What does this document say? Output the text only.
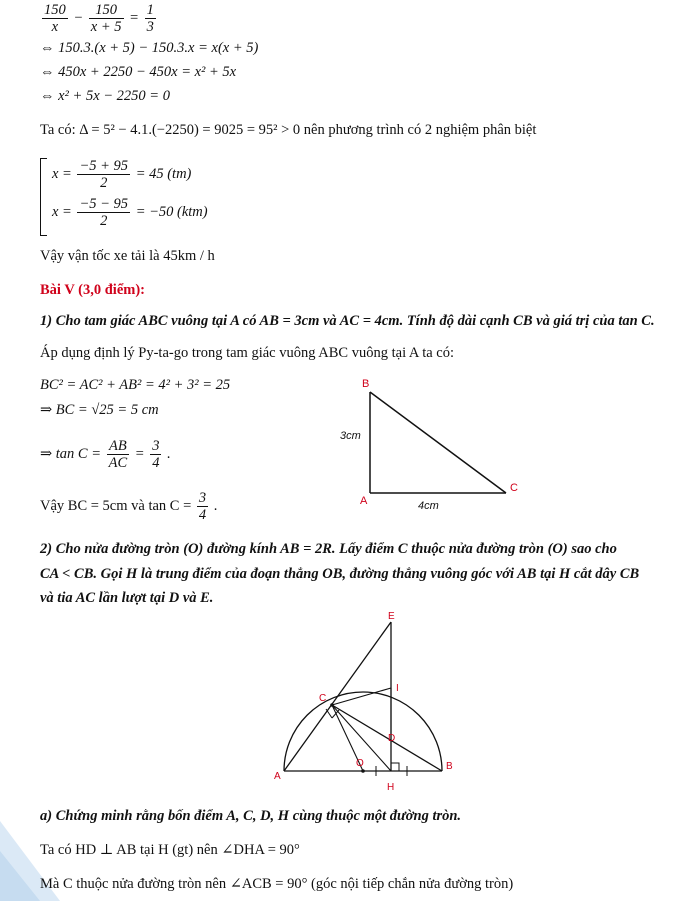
$\frac{150}{x} - \frac{150}{x + 5} = \frac{1}{3}$
⇔ 150.3.(x + 5) − 150.3.x = x(x + 5)
⇔ 450x + 2250 − 450x = x² + 5x
⇔ x² + 5x − 2250 = 0
Ta có: Δ = 5² − 4.1.(−2250) = 9025 = 95² > 0 nên phương trình có 2 nghiệm phân biệt
$x = \frac{-5 + 95}{2} = 45$ (tm)
$x = \frac{-5 - 95}{2} = -50$ (ktm)
Vậy vận tốc xe tải là 45km / h
Bài V (3,0 điểm):
1) Cho tam giác ABC vuông tại A có AB = 3cm và AC = 4cm. Tính độ dài cạnh CB và giá trị của tan C.
Áp dụng định lý Py-ta-go trong tam giác vuông ABC vuông tại A ta có:
BC² = AC² + AB² = 4² + 3² = 25
⇒ BC = √25 = 5 cm
⇒ $\tan C = \frac{AB}{AC} = \frac{3}{4}$ .
Vậy BC = 5cm và $\tan C = \frac{3}{4}$ .
B
A
C
3cm
4cm
2) Cho nửa đường tròn (O) đường kính AB = 2R. Lấy điểm C thuộc nửa đường tròn (O) sao cho
CA < CB. Gọi H là trung điểm của đoạn thẳng OB, đường thẳng vuông góc với AB tại H cắt dây CB
và tia AC lần lượt tại D và E.
E
I
C
D
A
O	B
H
a) Chứng minh rằng bốn điểm A, C, D, H cùng thuộc một đường tròn.
Ta có HD ⊥ AB tại H (gt) nên ∠DHA = 90°
Mà C thuộc nửa đường tròn nên ∠ACB = 90° (góc nội tiếp chắn nửa đường tròn)
